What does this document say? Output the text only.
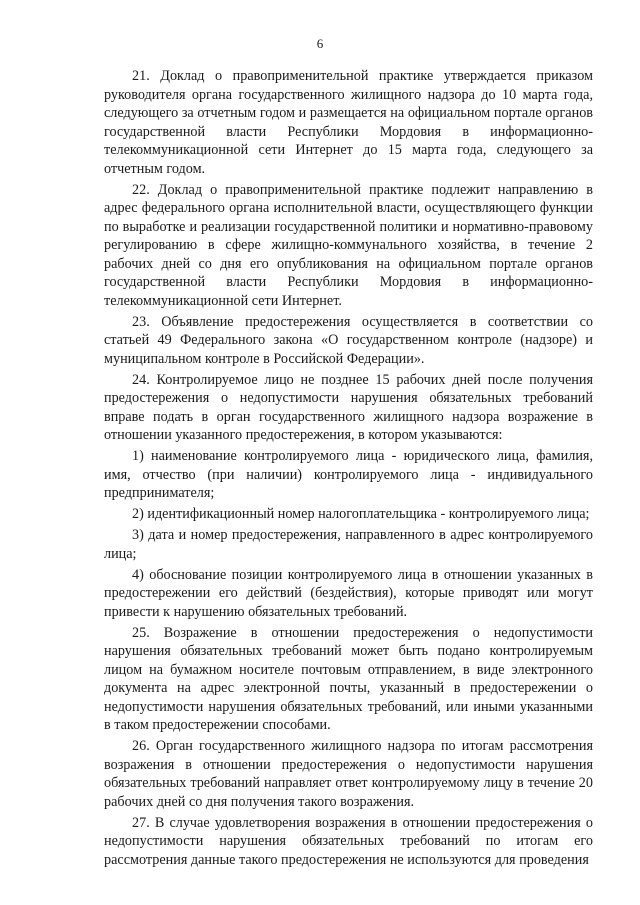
6

21. Доклад о правоприменительной практике утверждается приказом руководителя органа государственного жилищного надзора до 10 марта года, следующего за отчетным годом и размещается на официальном портале органов государственной власти Республики Мордовия в информационно-телекоммуникационной сети Интернет до 15 марта года, следующего за отчетным годом.

22. Доклад о правоприменительной практике подлежит направлению в адрес федерального органа исполнительной власти, осуществляющего функции по выработке и реализации государственной политики и нормативно-правовому регулированию в сфере жилищно-коммунального хозяйства, в течение 2 рабочих дней со дня его опубликования на официальном портале органов государственной власти Республики Мордовия в информационно-телекоммуникационной сети Интернет.

23. Объявление предостережения осуществляется в соответствии со статьей 49 Федерального закона «О государственном контроле (надзоре) и муниципальном контроле в Российской Федерации».

24. Контролируемое лицо не позднее 15 рабочих дней после получения предостережения о недопустимости нарушения обязательных требований вправе подать в орган государственного жилищного надзора возражение в отношении указанного предостережения, в котором указываются:

1) наименование контролируемого лица - юридического лица, фамилия, имя, отчество (при наличии) контролируемого лица - индивидуального предпринимателя;

2) идентификационный номер налогоплательщика - контролируемого лица;

3) дата и номер предостережения, направленного в адрес контролируемого лица;

4) обоснование позиции контролируемого лица в отношении указанных в предостережении его действий (бездействия), которые приводят или могут привести к нарушению обязательных требований.

25. Возражение в отношении предостережения о недопустимости нарушения обязательных требований может быть подано контролируемым лицом на бумажном носителе почтовым отправлением, в виде электронного документа на адрес электронной почты, указанный в предостережении о недопустимости нарушения обязательных требований, или иными указанными в таком предостережении способами.

26. Орган государственного жилищного надзора по итогам рассмотрения возражения в отношении предостережения о недопустимости нарушения обязательных требований направляет ответ контролируемому лицу в течение 20 рабочих дней со дня получения такого возражения.

27. В случае удовлетворения возражения в отношении предостережения о недопустимости нарушения обязательных требований по итогам его рассмотрения данные такого предостережения не используются для проведения
